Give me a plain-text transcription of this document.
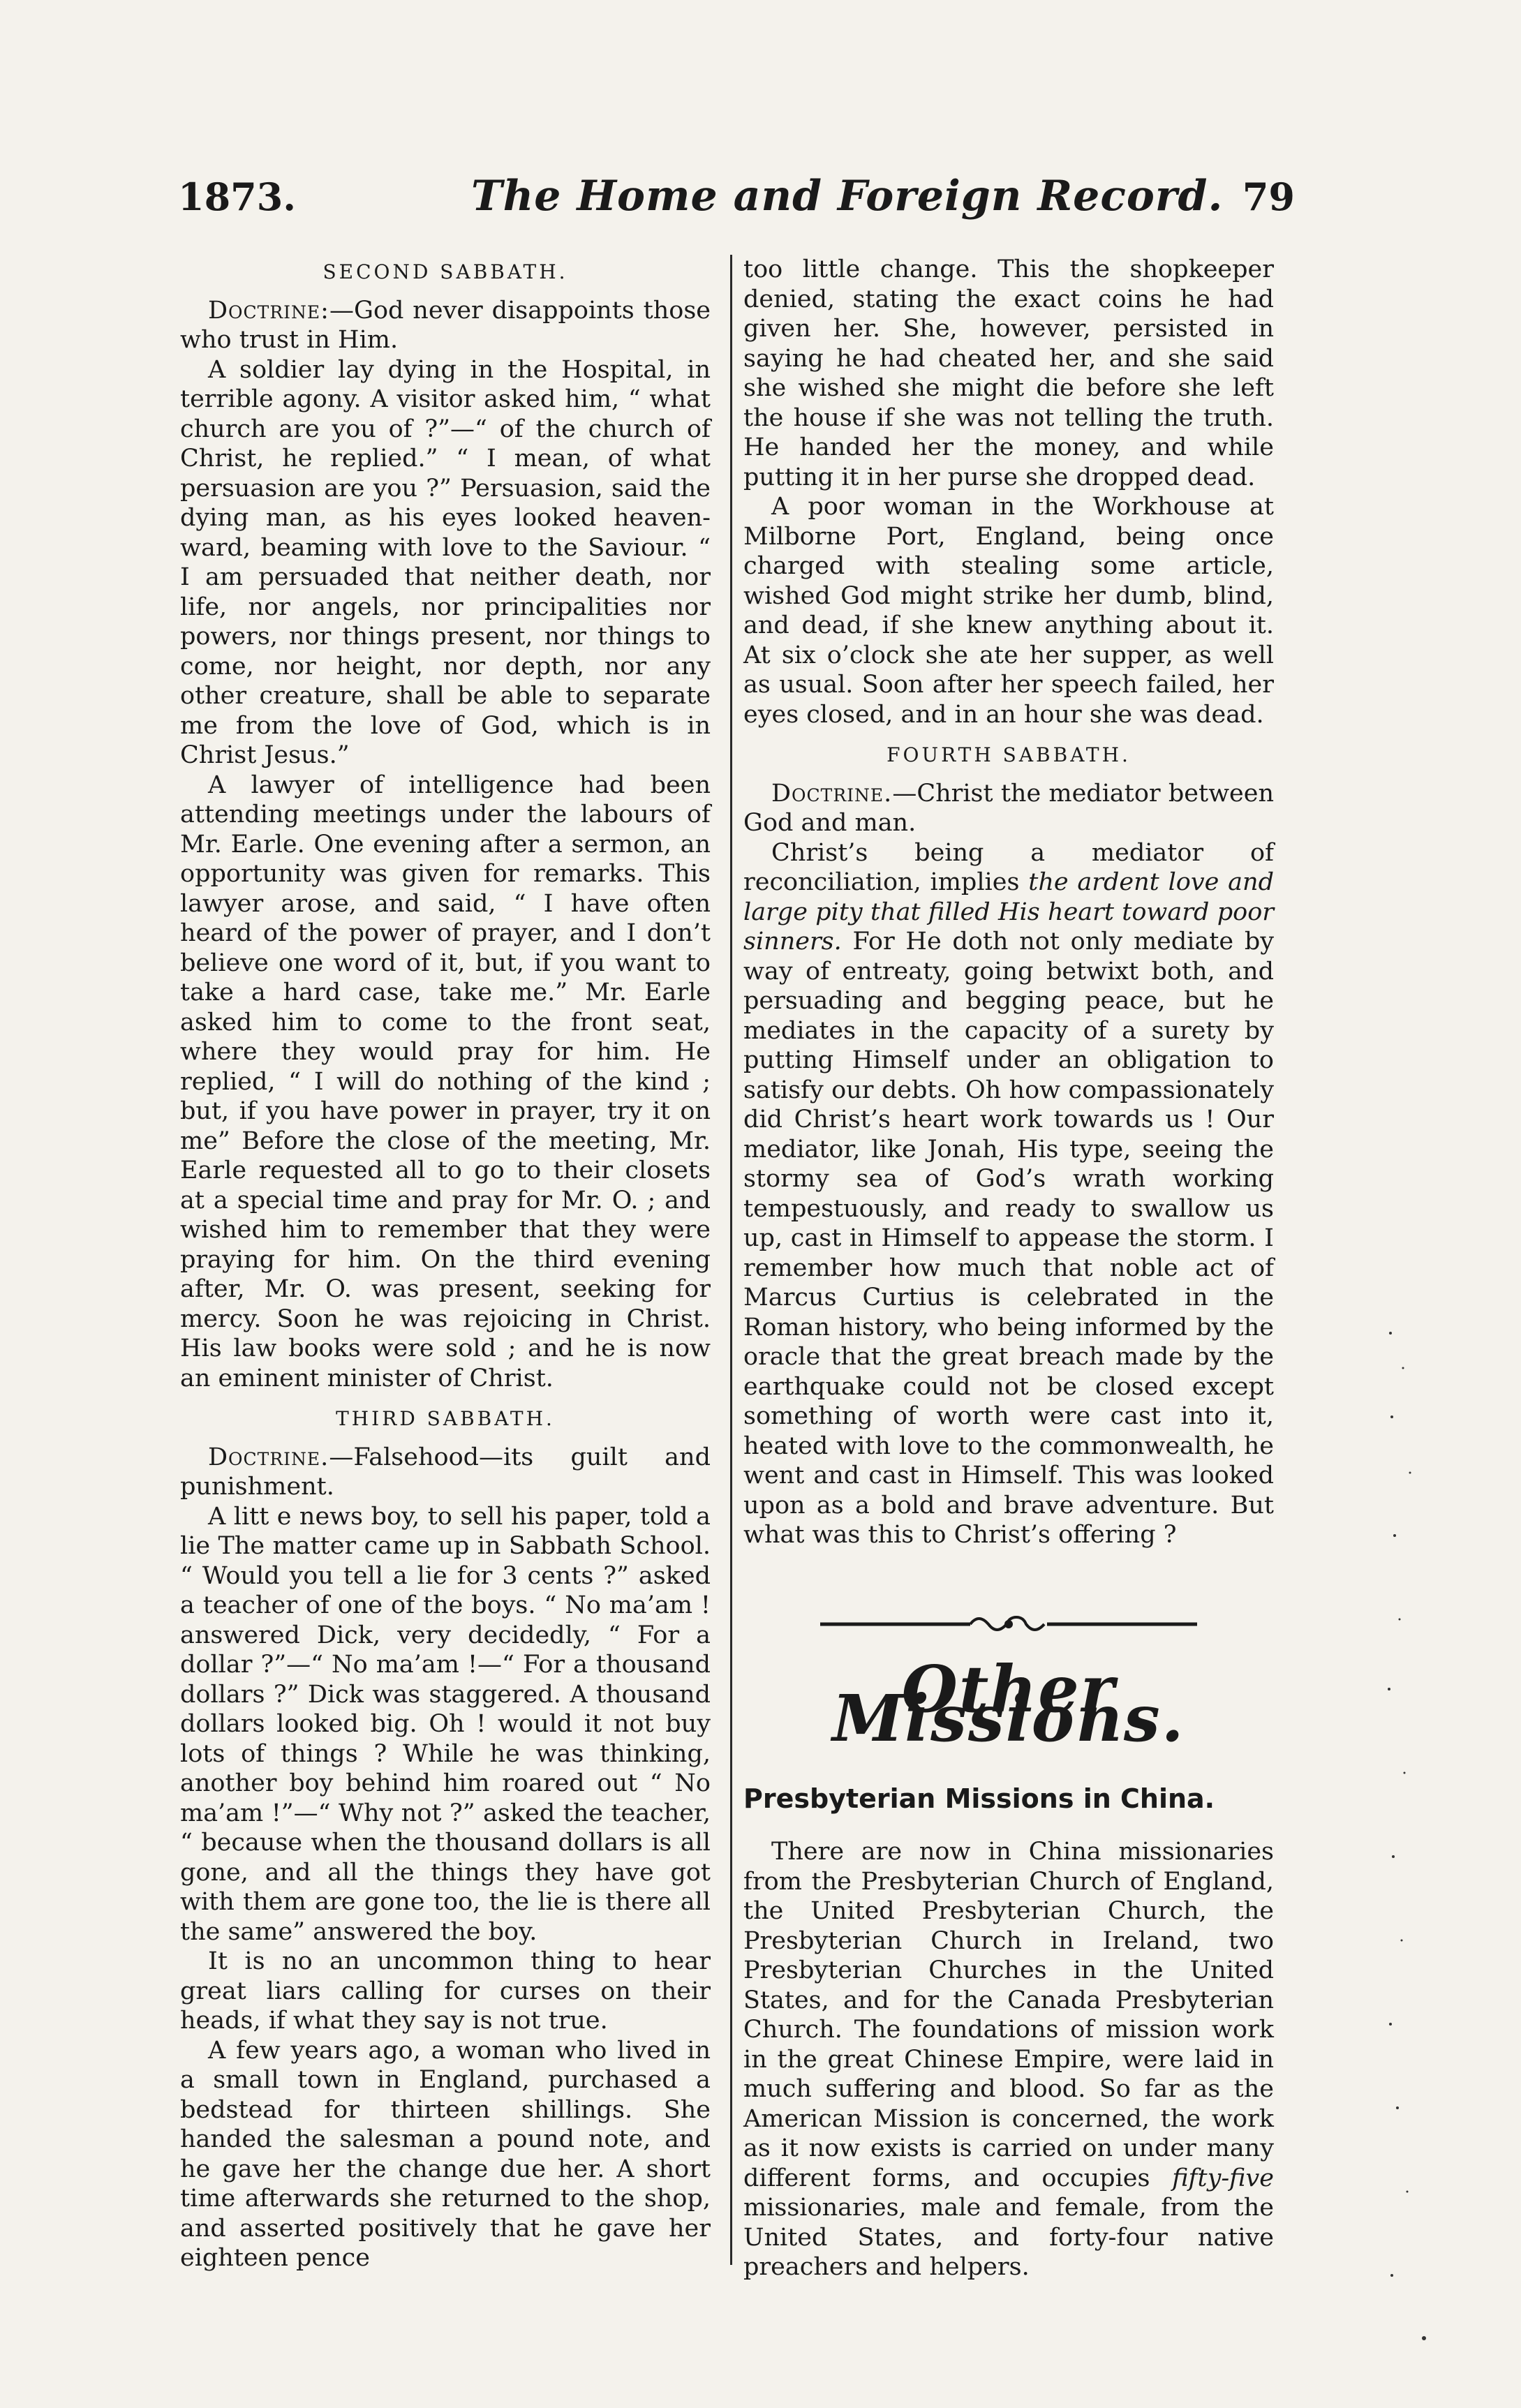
1873.	The Home and Foreign Record. 79
SECOND SABBATH.

Doctrine:—God never disappoints those who trust in Him.

A soldier lay dying in the Hospital, in terrible agony. A visitor asked him, “ what church are you of ?”—“ of the church of Christ, he replied.” “ I mean, of what persuasion are you ?” Persuasion, said the dying man, as his eyes looked heaven-ward, beaming with love to the Saviour. “ I am persuaded that neither death, nor life, nor angels, nor principalities nor powers, nor things present, nor things to come, nor height, nor depth, nor any other creature, shall be able to separate me from the love of God, which is in Christ Jesus.”

A lawyer of intelligence had been attending meetings under the labours of Mr. Earle. One evening after a sermon, an opportunity was given for remarks. This lawyer arose, and said, “ I have often heard of the power of prayer, and I don’t believe one word of it, but, if you want to take a hard case, take me.” Mr. Earle asked him to come to the front seat, where they would pray for him. He replied, “ I will do nothing of the kind ; but, if you have power in prayer, try it on me” Before the close of the meeting, Mr. Earle requested all to go to their closets at a special time and pray for Mr. O. ; and wished him to remember that they were praying for him. On the third evening after, Mr. O. was present, seeking for mercy. Soon he was rejoicing in Christ. His law books were sold ; and he is now an eminent minister of Christ.

THIRD SABBATH.

Doctrine.—Falsehood—its guilt and punishment.

A litt e news boy, to sell his paper, told a lie The matter came up in Sabbath School. “ Would you tell a lie for 3 cents ?” asked a teacher of one of the boys. “ No ma’am ! answered Dick, very decidedly, “ For a dollar ?”—“ No ma’am !—“ For a thousand dollars ?” Dick was staggered. A thousand dollars looked big. Oh ! would it not buy lots of things ? While he was thinking, another boy behind him roared out “ No ma’am !”—“ Why not ?” asked the teacher, “ because when the thousand dollars is all gone, and all the things they have got with them are gone too, the lie is there all the same” answered the boy.

It is no an uncommon thing to hear great liars calling for curses on their heads, if what they say is not true.

A few years ago, a woman who lived in a small town in England, purchased a bedstead for thirteen shillings. She handed the salesman a pound note, and he gave her the change due her. A short time afterwards she returned to the shop, and asserted positively that he gave her eighteen pence

too little change. This the shopkeeper denied, stating the exact coins he had given her. She, however, persisted in saying he had cheated her, and she said she wished she might die before she left the house if she was not telling the truth. He handed her the money, and while putting it in her purse she dropped dead.

A poor woman in the Workhouse at Milborne Port, England, being once charged with stealing some article, wished God might strike her dumb, blind, and dead, if she knew anything about it. At six o’clock she ate her supper, as well as usual. Soon after her speech failed, her eyes closed, and in an hour she was dead.

FOURTH SABBATH.

Doctrine.—Christ the mediator between God and man.

Christ’s being a mediator of reconciliation, implies the ardent love and large pity that filled His heart toward poor sinners. For He doth not only mediate by way of entreaty, going betwixt both, and persuading and begging peace, but he mediates in the capacity of a surety by putting Himself under an obligation to satisfy our debts. Oh how compassionately did Christ’s heart work towards us ! Our mediator, like Jonah, His type, seeing the stormy sea of God’s wrath working tempestuously, and ready to swallow us up, cast in Himself to appease the storm. I remember how much that noble act of Marcus Curtius is celebrated in the Roman history, who being informed by the oracle that the great breach made by the earthquake could not be closed except something of worth were cast into it, heated with love to the commonwealth, he went and cast in Himself. This was looked upon as a bold and brave adventure. But what was this to Christ’s offering ?

Other Missions.
Presbyterian Missions in China.

There are now in China missionaries from the Presbyterian Church of England, the United Presbyterian Church, the Presbyterian Church in Ireland, two Presbyterian Churches in the United States, and for the Canada Presbyterian Church. The foundations of mission work in the great Chinese Empire, were laid in much suffering and blood. So far as the American Mission is concerned, the work as it now exists is carried on under many different forms, and occupies fifty-five missionaries, male and female, from the United States, and forty-four native preachers and helpers.
